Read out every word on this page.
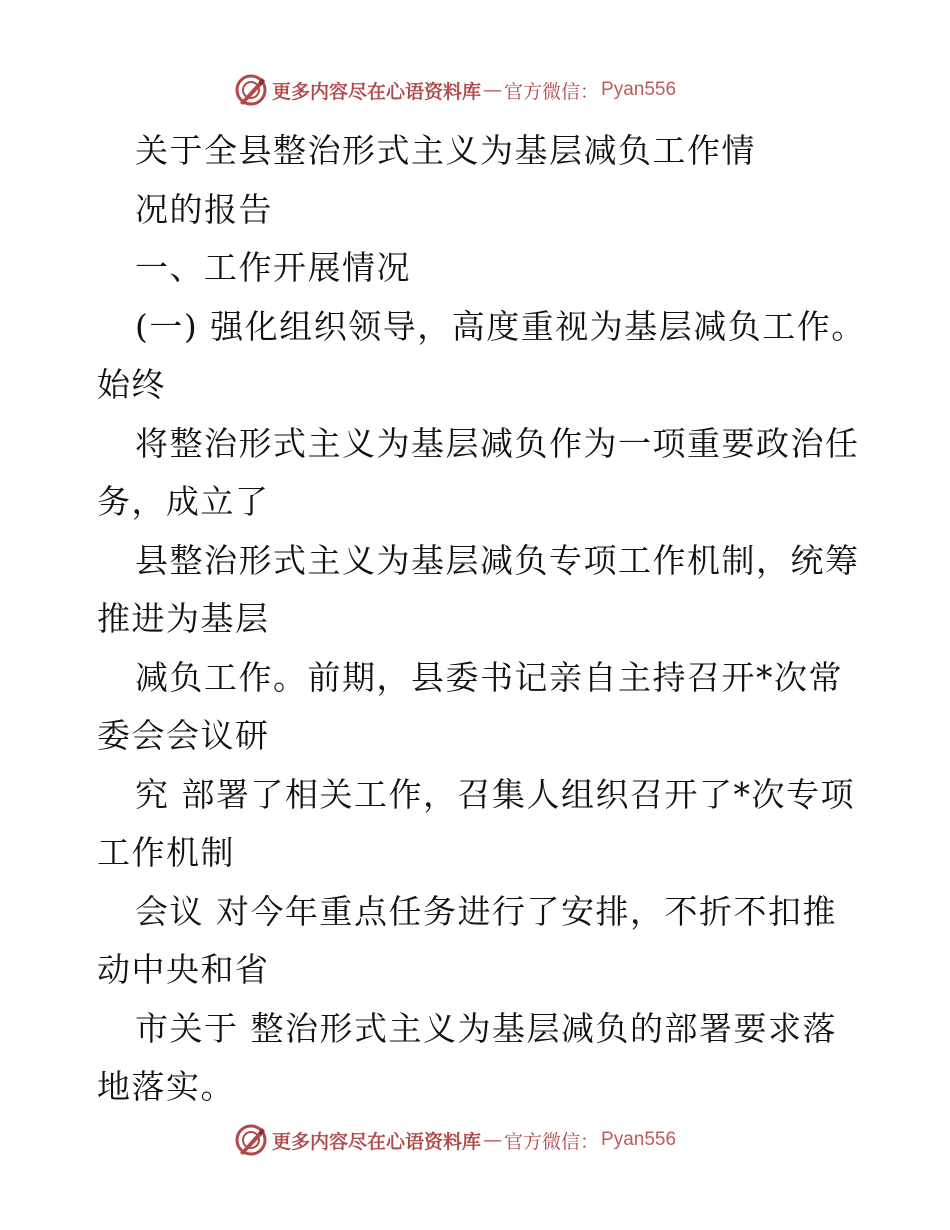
更多内容尽在心语资料库 — 官方微信： Pyan556
关于全县整治形式主义为基层减负工作情
况的报告
一、工作开展情况
(一) 强化组织领导，高度重视为基层减负工作。
始终
将整治形式主义为基层减负作为一项重要政治任
务，成立了
县整治形式主义为基层减负专项工作机制，统筹
推进为基层
减负工作。前期，县委书记亲自主持召开*次常
委会会议研
究 部署了相关工作，召集人组织召开了*次专项
工作机制
会议 对今年重点任务进行了安排，不折不扣推
动中央和省
市关于 整治形式主义为基层减负的部署要求落
地落实。
更多内容尽在心语资料库 — 官方微信： Pyan556
